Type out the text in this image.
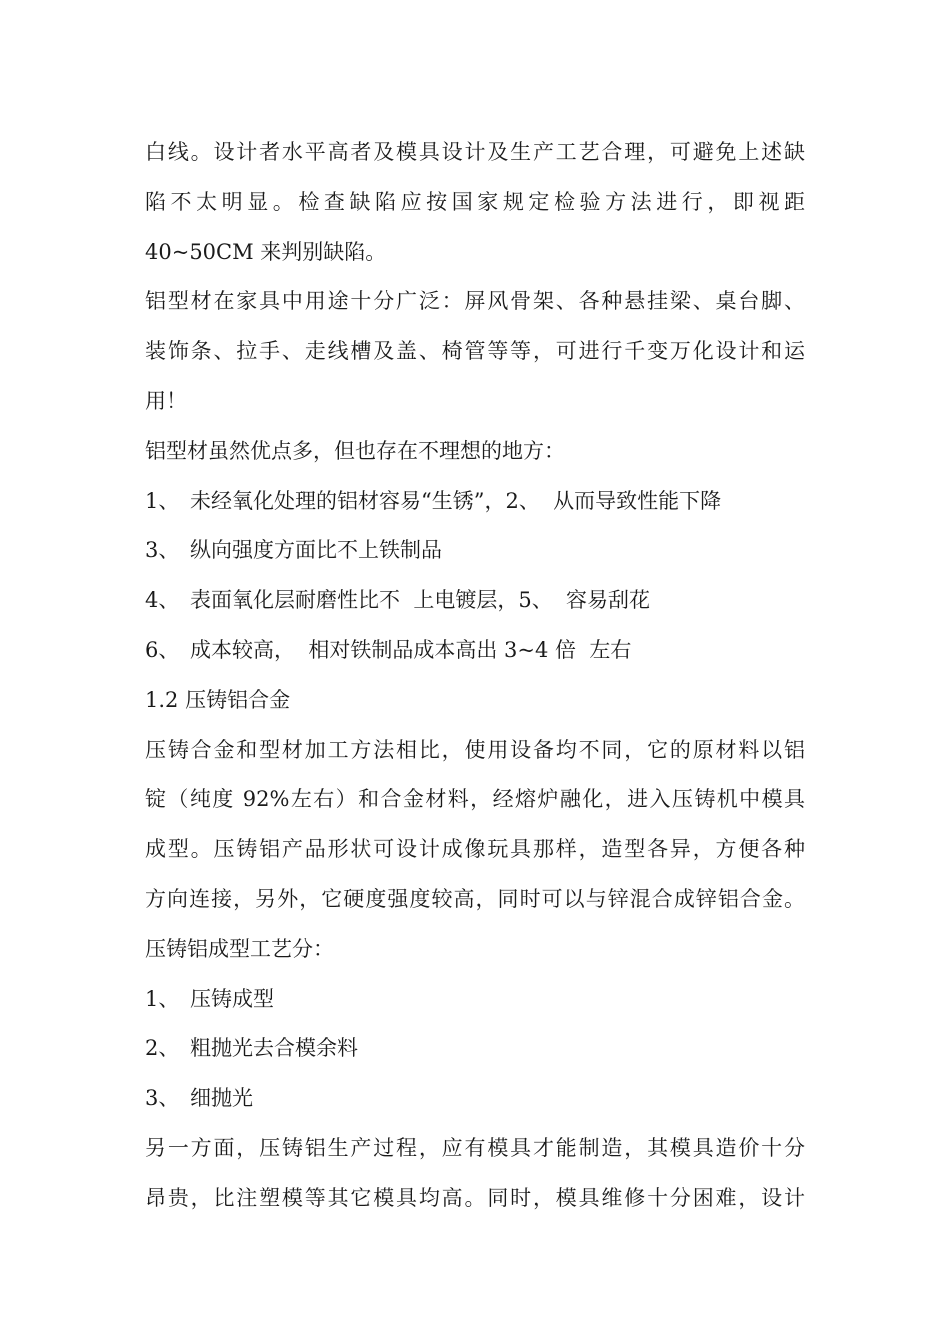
白线。设计者水平高者及模具设计及生产工艺合理，可避免上述缺
陷不太明显。检查缺陷应按国家规定检验方法进行，即视距
40~50CM 来判别缺陷。
铝型材在家具中用途十分广泛：屏风骨架、各种悬挂梁、桌台脚、
装饰条、拉手、走线槽及盖、椅管等等，可进行千变万化设计和运
用！
铝型材虽然优点多，但也存在不理想的地方：
1、 未经氧化处理的铝材容易“生锈”，2、  从而导致性能下降
3、 纵向强度方面比不上铁制品
4、 表面氧化层耐磨性比不  上电镀层，5、  容易刮花
6、 成本较高，  相对铁制品成本高出 3~4 倍  左右
1.2 压铸铝合金
压铸合金和型材加工方法相比，使用设备均不同，它的原材料以铝
锭（纯度 92%左右）和合金材料，经熔炉融化，进入压铸机中模具
成型。压铸铝产品形状可设计成像玩具那样，造型各异，方便各种
方向连接，另外，它硬度强度较高，同时可以与锌混合成锌铝合金。
压铸铝成型工艺分：
1、 压铸成型
2、 粗抛光去合模余料
3、 细抛光
另一方面，压铸铝生产过程，应有模具才能制造，其模具造价十分
昂贵，比注塑模等其它模具均高。同时，模具维修十分困难，设计
